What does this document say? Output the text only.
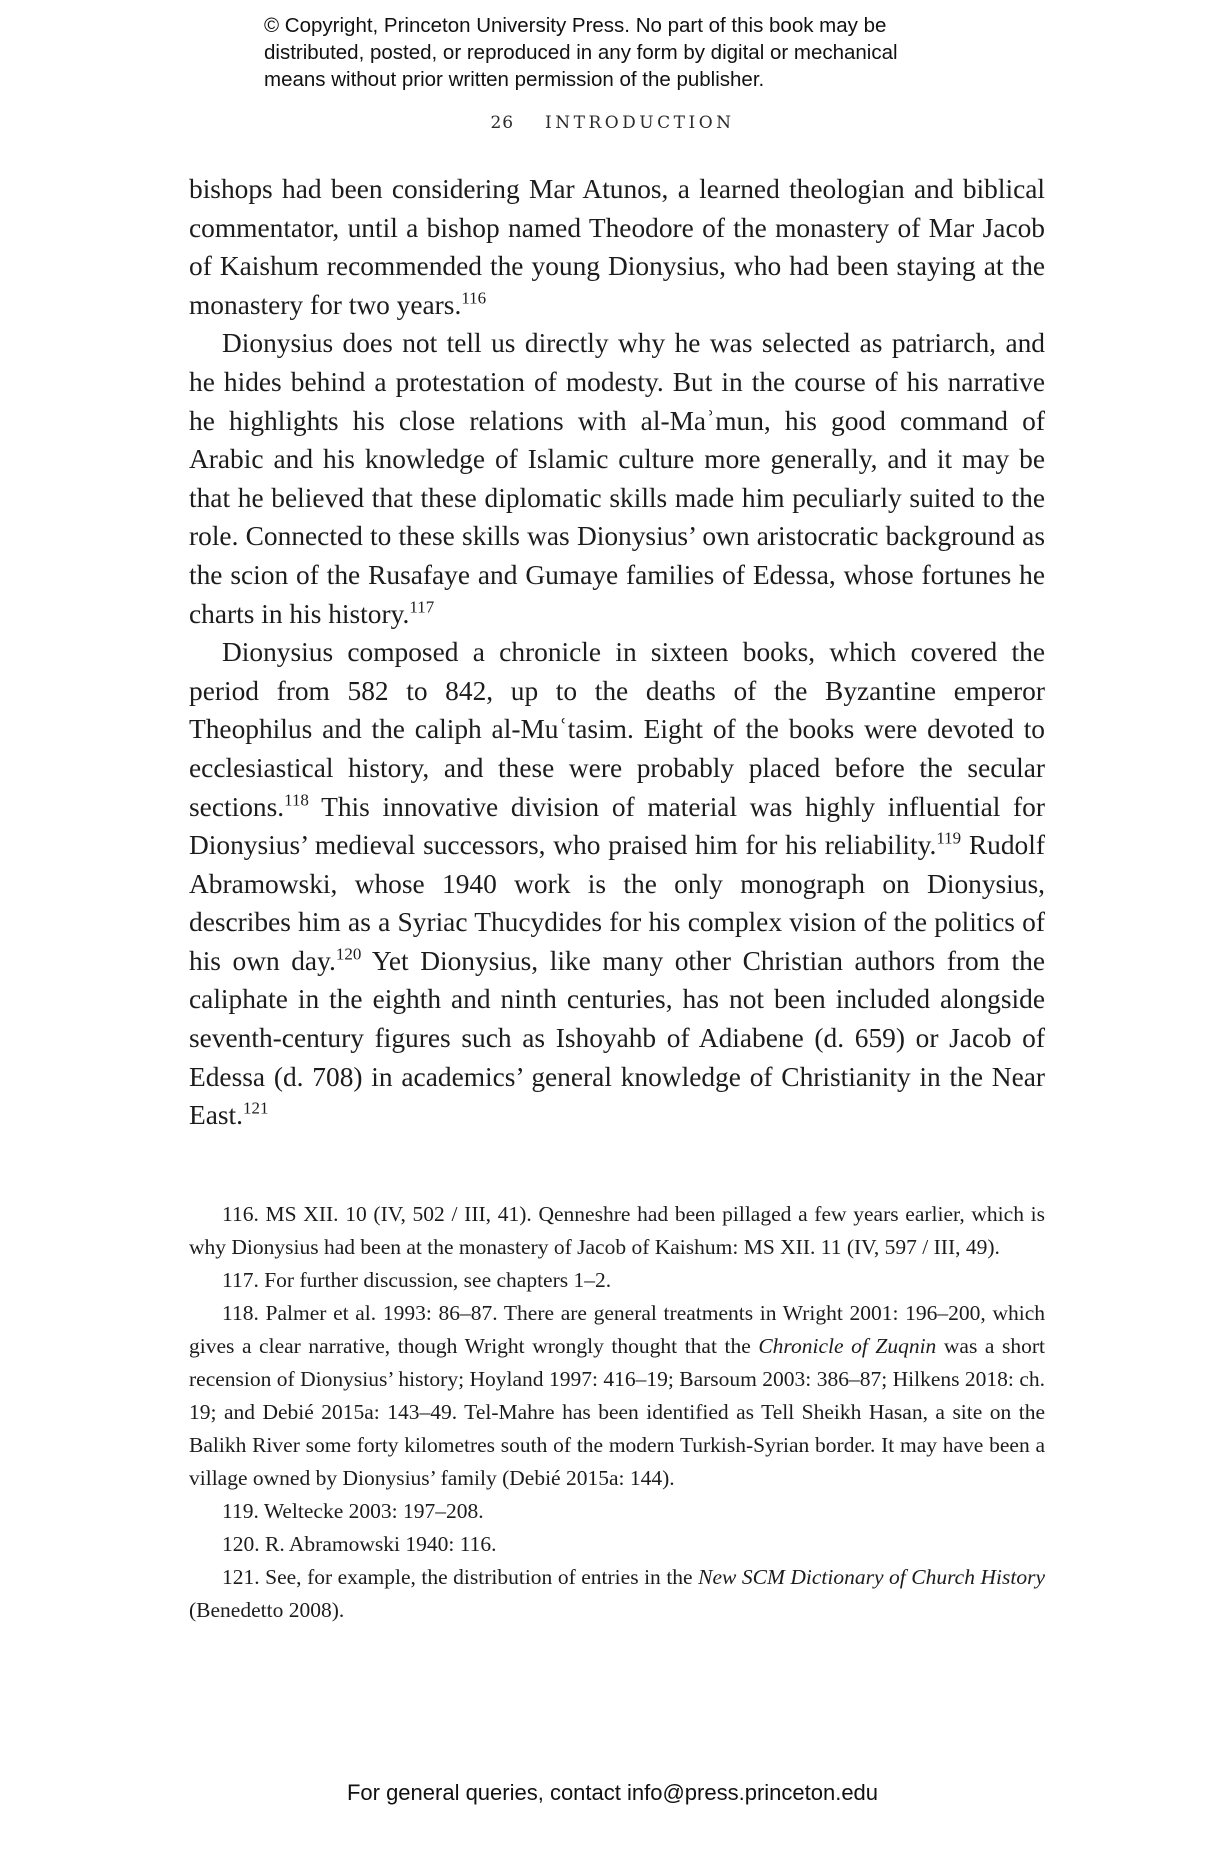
© Copyright, Princeton University Press. No part of this book may be
distributed, posted, or reproduced in any form by digital or mechanical
means without prior written permission of the publisher.
26 INTRODUCTION

bishops had been considering Mar Atunos, a learned theologian and biblical commentator, until a bishop named Theodore of the monastery of Mar Jacob of Kaishum recommended the young Dionysius, who had been staying at the monastery for two years.$^{116}$

Dionysius does not tell us directly why he was selected as patriarch, and he hides behind a protestation of modesty. But in the course of his narrative he highlights his close relations with al-Maʾmun, his good command of Arabic and his knowledge of Islamic culture more generally, and it may be that he believed that these diplomatic skills made him peculiarly suited to the role. Connected to these skills was Dionysius’ own aristocratic background as the scion of the Rusafaye and Gumaye families of Edessa, whose fortunes he charts in his history.$^{117}$

Dionysius composed a chronicle in sixteen books, which covered the period from 582 to 842, up to the deaths of the Byzantine emperor Theophilus and the caliph al-Muʿtasim. Eight of the books were devoted to ecclesiastical history, and these were probably placed before the secular sections.$^{118}$ This innovative division of material was highly influential for Dionysius’ medieval successors, who praised him for his reliability.$^{119}$ Rudolf Abramowski, whose 1940 work is the only monograph on Dionysius, describes him as a Syriac Thucydides for his complex vision of the politics of his own day.$^{120}$ Yet Dionysius, like many other Christian authors from the caliphate in the eighth and ninth centuries, has not been included alongside seventh-century figures such as Ishoyahb of Adiabene (d. 659) or Jacob of Edessa (d. 708) in academics’ general knowledge of Christianity in the Near East.$^{121}$

116. MS XII. 10 (IV, 502 / III, 41). Qenneshre had been pillaged a few years earlier, which is why Dionysius had been at the monastery of Jacob of Kaishum: MS XII. 11 (IV, 597 / III, 49).

117. For further discussion, see chapters 1–2.

118. Palmer et al. 1993: 86–87. There are general treatments in Wright 2001: 196–200, which gives a clear narrative, though Wright wrongly thought that the Chronicle of Zuqnin was a short recension of Dionysius’ history; Hoyland 1997: 416–19; Barsoum 2003: 386–87; Hilkens 2018: ch. 19; and Debié 2015a: 143–49. Tel-Mahre has been identified as Tell Sheikh Hasan, a site on the Balikh River some forty kilometres south of the modern Turkish-Syrian border. It may have been a village owned by Dionysius’ family (Debié 2015a: 144).

119. Weltecke 2003: 197–208.

120. R. Abramowski 1940: 116.

121. See, for example, the distribution of entries in the New SCM Dictionary of Church History (Benedetto 2008).

For general queries, contact info@press.princeton.edu
